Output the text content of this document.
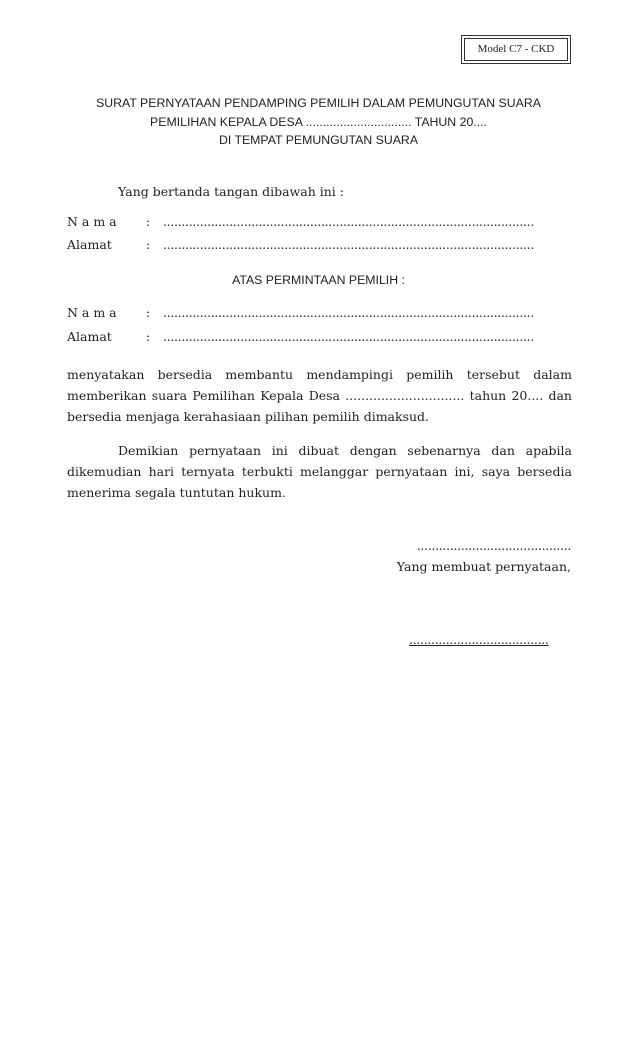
Model C7 - CKD
SURAT PERNYATAAN PENDAMPING PEMILIH DALAM PEMUNGUTAN SUARA
PEMILIHAN KEPALA DESA ............................... TAHUN 20....
DI TEMPAT PEMUNGUTAN SUARA
Yang bertanda tangan dibawah ini :
N a m a : .....................................................................................................
Alamat	: .....................................................................................................
ATAS PERMINTAAN PEMILIH :
N a m a : .....................................................................................................
Alamat	: .....................................................................................................
menyatakan bersedia membantu mendampingi pemilih tersebut dalam
memberikan suara Pemilihan Kepala Desa .............................. tahun 20.... dan
bersedia menjaga kerahasiaan pilihan pemilih dimaksud.
Demikian pernyataan ini dibuat dengan sebenarnya dan apabila
dikemudian hari ternyata terbukti melanggar pernyataan ini, saya bersedia
menerima segala tuntutan hukum.
..........................................
Yang membuat pernyataan,
......................................
